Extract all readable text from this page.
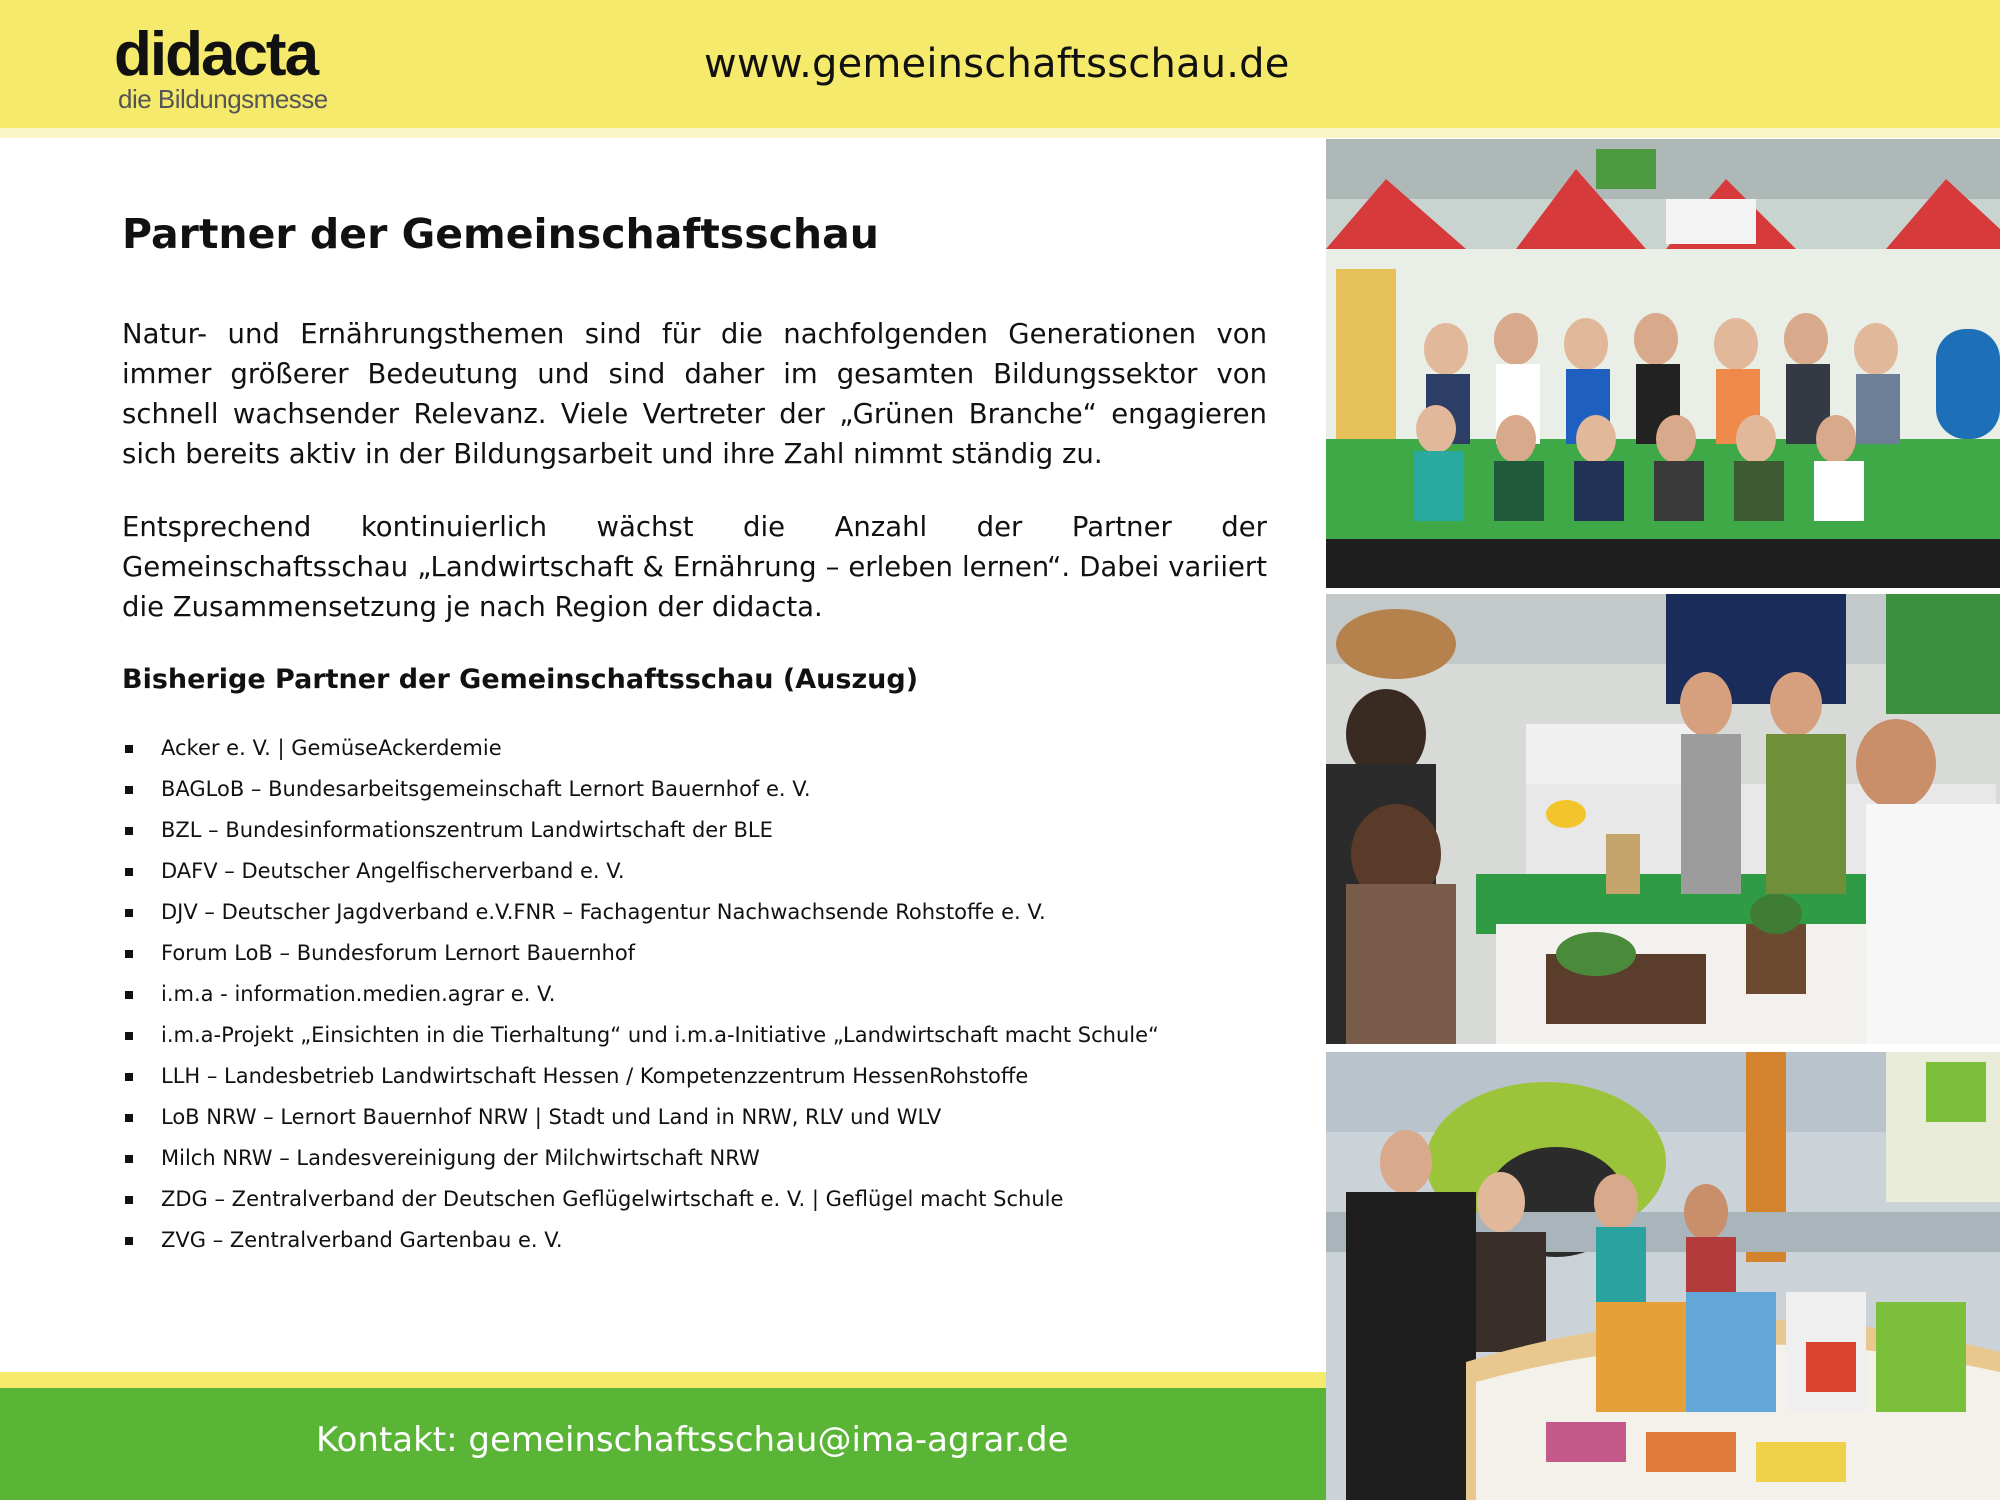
didacta
die Bildungsmesse
www.gemeinschaftsschau.de
Partner der Gemeinschaftsschau

Natur- und Ernährungsthemen sind für die nachfolgenden Generationen von immer größerer Bedeutung und sind daher im gesamten Bildungssektor von schnell wachsender Relevanz. Viele Vertreter der „Grünen Branche“ engagieren sich bereits aktiv in der Bildungsarbeit und ihre Zahl nimmt ständig zu.

Entsprechend kontinuierlich wächst die Anzahl der Partner der Gemeinschaftsschau „Landwirtschaft & Ernährung – erleben lernen“. Dabei variiert die Zusammensetzung je nach Region der didacta.

Bisherige Partner der Gemeinschaftsschau (Auszug)
Acker e. V. | GemüseAckerdemie
BAGLoB – Bundesarbeitsgemeinschaft Lernort Bauernhof e. V.
BZL – Bundesinformationszentrum Landwirtschaft der BLE
DAFV – Deutscher Angelfischerverband e. V.
DJV – Deutscher Jagdverband e.V.FNR – Fachagentur Nachwachsende Rohstoffe e. V.
Forum LoB – Bundesforum Lernort Bauernhof
i.m.a - information.medien.agrar e. V.
i.m.a-Projekt „Einsichten in die Tierhaltung“ und i.m.a-Initiative „Landwirtschaft macht Schule“
LLH – Landesbetrieb Landwirtschaft Hessen / Kompetenzzentrum HessenRohstoffe
LoB NRW – Lernort Bauernhof NRW | Stadt und Land in NRW, RLV und WLV
Milch NRW – Landesvereinigung der Milchwirtschaft NRW
ZDG – Zentralverband der Deutschen Geflügelwirtschaft e. V. | Geflügel macht Schule
ZVG – Zentralverband Gartenbau e. V.
Kontakt: gemeinschaftsschau@ima-agrar.de
